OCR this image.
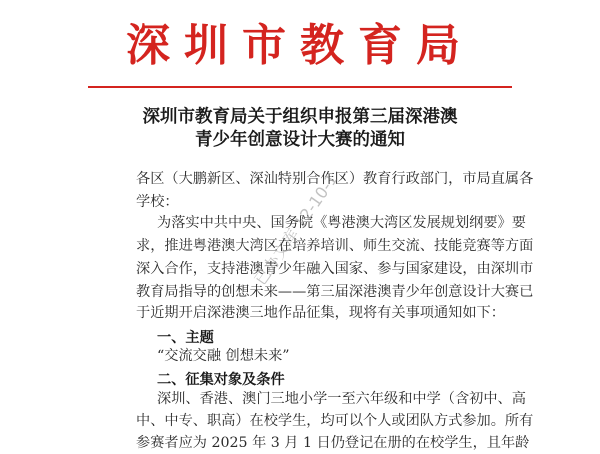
深圳市教育局
深圳市教育局关于组织申报第三届深港澳
青少年创意设计大赛的通知
各区（大鹏新区、深汕特别合作区）教育行政部门，市局直属各
学校：
为落实中共中央、国务院《粤港澳大湾区发展规划纲要》要
求，推进粤港澳大湾区在培养培训、师生交流、技能竞赛等方面
深入合作，支持港澳青少年融入国家、参与国家建设，由深圳市
教育局指导的创想未来——第三届深港澳青少年创意设计大赛已
于近期开启深港澳三地作品征集，现将有关事项通知如下：
一、主题
“交流交融 创想未来”
二、征集对象及条件
深圳、香港、澳门三地小学一至六年级和中学（含初中、高
中、中专、职高）在校学生，均可以个人或团队方式参加。所有
参赛者应为 2025 年 3 月 1 日仍登记在册的在校学生，且年龄
已办文库 12-10-1
